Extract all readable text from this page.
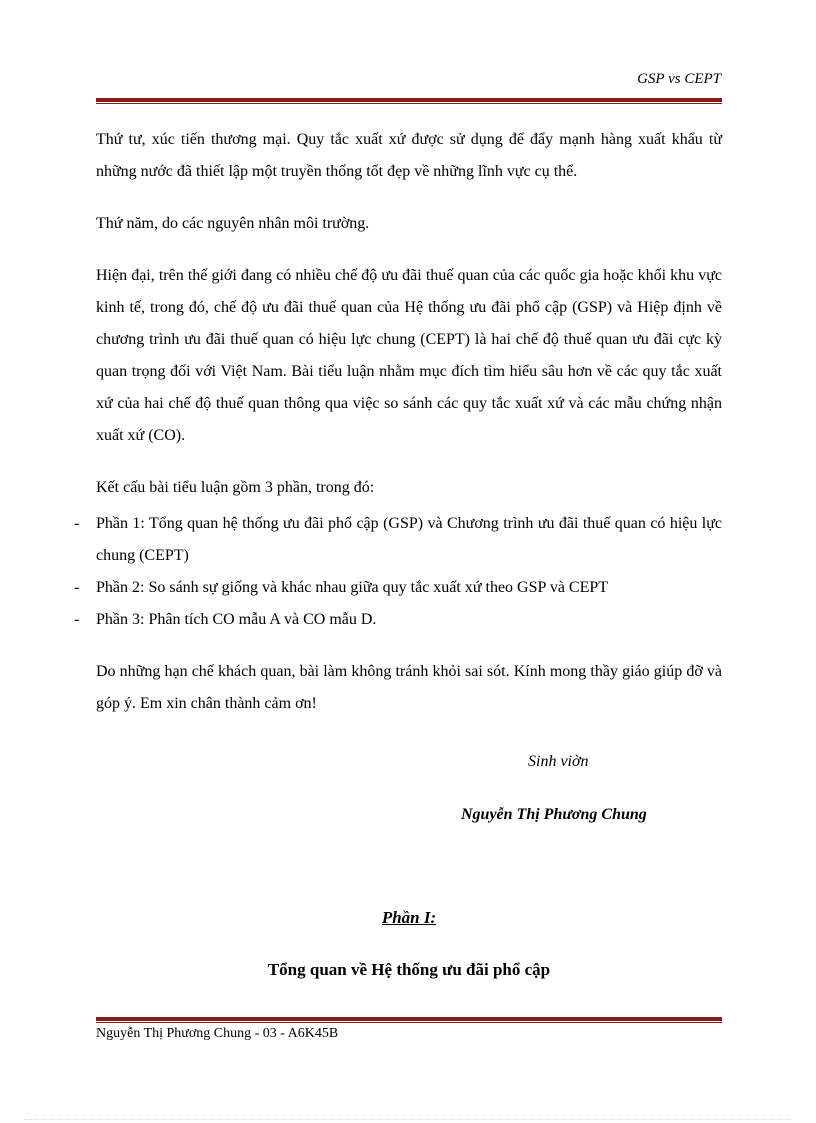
GSP vs CEPT

Thứ tư, xúc tiến thương mại. Quy tắc xuất xứ được sử dụng để đẩy mạnh hàng xuất khẩu từ những nước đã thiết lập một truyền thống tốt đẹp về những lĩnh vực cụ thể.

Thứ năm, do các nguyên nhân môi trường.

Hiện đại, trên thế giới đang có nhiều chế độ ưu đãi thuế quan của các quốc gia hoặc khối khu vực kinh tế, trong đó, chế độ ưu đãi thuế quan của Hệ thống ưu đãi phổ cập (GSP) và Hiệp định về chương trình ưu đãi thuế quan có hiệu lực chung (CEPT) là hai chế độ thuế quan ưu đãi cực kỳ quan trọng đối với Việt Nam. Bài tiểu luận nhằm mục đích tìm hiểu sâu hơn về các quy tắc xuất xứ của hai chế độ thuế quan thông qua việc so sánh các quy tắc xuất xứ và các mẫu chứng nhận xuất xứ (CO).

Kết cấu bài tiểu luận gồm 3 phần, trong đó:

- Phần 1: Tổng quan hệ thống ưu đãi phổ cập (GSP) và Chương trình ưu đãi thuế quan có hiệu lực chung (CEPT)
- Phần 2: So sánh sự giống và khác nhau giữa quy tắc xuất xứ theo GSP và CEPT
- Phần 3: Phân tích CO mẫu A và CO mẫu D.

Do những hạn chế khách quan, bài làm không tránh khỏi sai sót. Kính mong thầy giáo giúp đỡ và góp ý. Em xin chân thành cảm ơn!

Sinh viờn
Nguyễn Thị Phương Chung
Phần I:
Tổng quan về Hệ thống ưu đãi phổ cập
Nguyễn Thị Phương Chung - 03 - A6K45B
